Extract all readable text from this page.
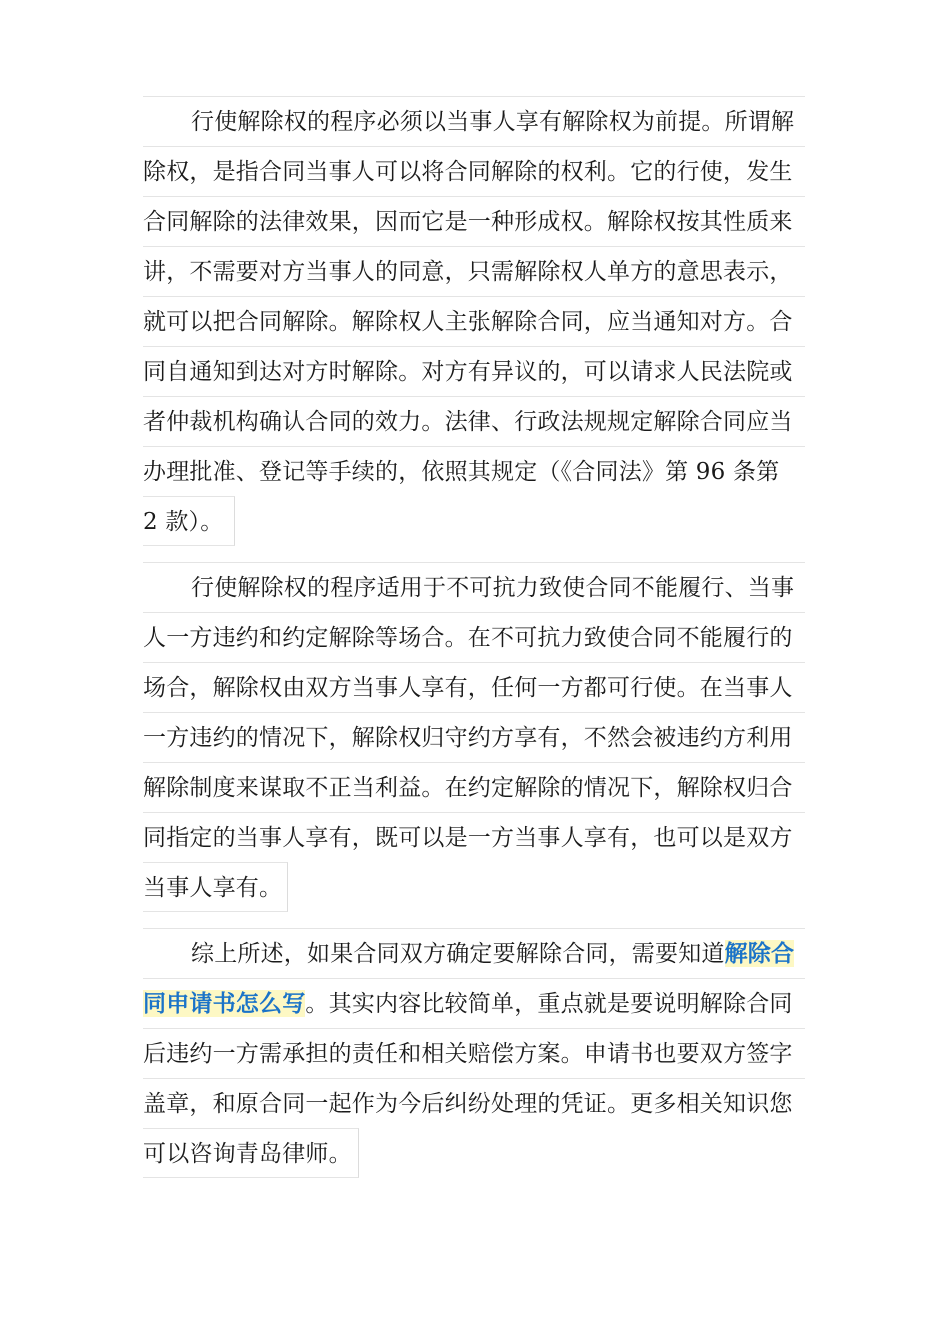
行使解除权的程序必须以当事人享有解除权为前提。所谓解
除权，是指合同当事人可以将合同解除的权利。它的行使，发生
合同解除的法律效果，因而它是一种形成权。解除权按其性质来
讲，不需要对方当事人的同意，只需解除权人单方的意思表示，
就可以把合同解除。解除权人主张解除合同，应当通知对方。合
同自通知到达对方时解除。对方有异议的，可以请求人民法院或
者仲裁机构确认合同的效力。法律、行政法规规定解除合同应当
办理批准、登记等手续的，依照其规定（《合同法》第 96 条第
2 款）。
行使解除权的程序适用于不可抗力致使合同不能履行、当事
人一方违约和约定解除等场合。在不可抗力致使合同不能履行的
场合，解除权由双方当事人享有，任何一方都可行使。在当事人
一方违约的情况下，解除权归守约方享有，不然会被违约方利用
解除制度来谋取不正当利益。在约定解除的情况下，解除权归合
同指定的当事人享有，既可以是一方当事人享有，也可以是双方
当事人享有。
综上所述，如果合同双方确定要解除合同，需要知道解除合
同申请书怎么写。其实内容比较简单，重点就是要说明解除合同
后违约一方需承担的责任和相关赔偿方案。申请书也要双方签字
盖章，和原合同一起作为今后纠纷处理的凭证。更多相关知识您
可以咨询青岛律师。
